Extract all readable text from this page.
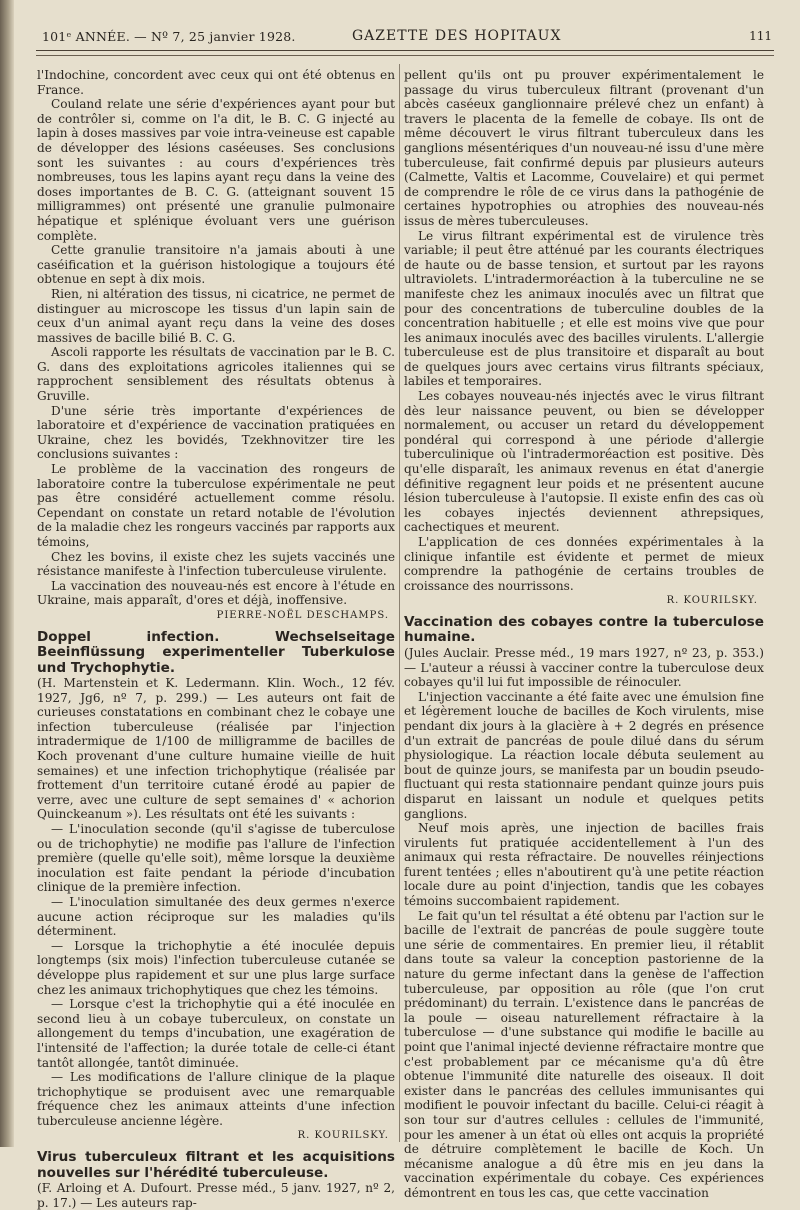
101ᵉ ANNÉE. — Nº 7, 25 janvier 1928.	GAZETTE DES HOPITAUX	111

l'Indochine, concordent avec ceux qui ont été obtenus en France.

Couland relate une série d'expériences ayant pour but de contrôler si, comme on l'a dit, le B. C. G injecté au lapin à doses massives par voie intra-veineuse est capable de développer des lésions caséeuses. Ses conclusions sont les suivantes : au cours d'expériences très nombreuses, tous les lapins ayant reçu dans la veine des doses importantes de B. C. G. (atteignant souvent 15 milligrammes) ont présenté une granulie pulmonaire hépatique et splénique évoluant vers une guérison complète.

Cette granulie transitoire n'a jamais abouti à une caséification et la guérison histologique a toujours été obtenue en sept à dix mois.

Rien, ni altération des tissus, ni cicatrice, ne permet de distinguer au microscope les tissus d'un lapin sain de ceux d'un animal ayant reçu dans la veine des doses massives de bacille bilié B. C. G.

Ascoli rapporte les résultats de vaccination par le B. C. G. dans des exploitations agricoles italiennes qui se rapprochent sensiblement des résultats obtenus à Gruville.

D'une série très importante d'expériences de laboratoire et d'expérience de vaccination pratiquées en Ukraine, chez les bovidés, Tzekhnovitzer tire les conclusions suivantes :

Le problème de la vaccination des rongeurs de laboratoire contre la tuberculose expérimentale ne peut pas être considéré actuellement comme résolu. Cependant on constate un retard notable de l'évolution de la maladie chez les rongeurs vaccinés par rapports aux témoins,

Chez les bovins, il existe chez les sujets vaccinés une résistance manifeste à l'infection tuberculeuse virulente.

La vaccination des nouveau-nés est encore à l'étude en Ukraine, mais apparaît, d'ores et déjà, inoffensive.

PIERRE-NOËL DESCHAMPS.

Doppel infection. Wechselseitage Beeinflüssung experimenteller Tuberkulose und Trychophytie.

(H. Martenstein et K. Ledermann. Klin. Woch., 12 fév. 1927, Jg6, nº 7, p. 299.) — Les auteurs ont fait de curieuses constatations en combinant chez le cobaye une infection tuberculeuse (réalisée par l'injection intradermique de 1/100 de milligramme de bacilles de Koch provenant d'une culture humaine vieille de huit semaines) et une infection trichophytique (réalisée par frottement d'un territoire cutané érodé au papier de verre, avec une culture de sept semaines d' « achorion Quinckeanum »). Les résultats ont été les suivants :

— L'inoculation seconde (qu'il s'agisse de tuberculose ou de trichophytie) ne modifie pas l'allure de l'infection première (quelle qu'elle soit), même lorsque la deuxième inoculation est faite pendant la période d'incubation clinique de la première infection.

— L'inoculation simultanée des deux germes n'exerce aucune action réciproque sur les maladies qu'ils déterminent.

— Lorsque la trichophytie a été inoculée depuis longtemps (six mois) l'infection tuberculeuse cutanée se développe plus rapidement et sur une plus large surface chez les animaux trichophytiques que chez les témoins.

— Lorsque c'est la trichophytie qui a été inoculée en second lieu à un cobaye tuberculeux, on constate un allongement du temps d'incubation, une exagération de l'intensité de l'affection; la durée totale de celle-ci étant tantôt allongée, tantôt diminuée.

— Les modifications de l'allure clinique de la plaque trichophytique se produisent avec une remarquable fréquence chez les animaux atteints d'une infection tuberculeuse ancienne légère.

R. KOURILSKY.

Virus tuberculeux filtrant et les acquisitions nouvelles sur l'hérédité tuberculeuse.

(F. Arloing et A. Dufourt. Presse méd., 5 janv. 1927, nº 2, p. 17.) — Les auteurs rap-

pellent qu'ils ont pu prouver expérimentalement le passage du virus tuberculeux filtrant (provenant d'un abcès caséeux ganglionnaire prélevé chez un enfant) à travers le placenta de la femelle de cobaye. Ils ont de même découvert le virus filtrant tuberculeux dans les ganglions mésentériques d'un nouveau-né issu d'une mère tuberculeuse, fait confirmé depuis par plusieurs auteurs (Calmette, Valtis et Lacomme, Couvelaire) et qui permet de comprendre le rôle de ce virus dans la pathogénie de certaines hypotrophies ou atrophies des nouveau-nés issus de mères tuberculeuses.

Le virus filtrant expérimental est de virulence très variable; il peut être atténué par les courants électriques de haute ou de basse tension, et surtout par les rayons ultraviolets. L'intradermoréaction à la tuberculine ne se manifeste chez les animaux inoculés avec un filtrat que pour des concentrations de tuberculine doubles de la concentration habituelle ; et elle est moins vive que pour les animaux inoculés avec des bacilles virulents. L'allergie tuberculeuse est de plus transitoire et disparaît au bout de quelques jours avec certains virus filtrants spéciaux, labiles et temporaires.

Les cobayes nouveau-nés injectés avec le virus filtrant dès leur naissance peuvent, ou bien se développer normalement, ou accuser un retard du développement pondéral qui correspond à une période d'allergie tuberculinique où l'intradermoréaction est positive. Dès qu'elle disparaît, les animaux revenus en état d'anergie définitive regagnent leur poids et ne présentent aucune lésion tuberculeuse à l'autopsie. Il existe enfin des cas où les cobayes injectés deviennent athrepsiques, cachectiques et meurent.

L'application de ces données expérimentales à la clinique infantile est évidente et permet de mieux comprendre la pathogénie de certains troubles de croissance des nourrissons.

R. KOURILSKY.

Vaccination des cobayes contre la tuberculose humaine.

(Jules Auclair. Presse méd., 19 mars 1927, nº 23, p. 353.) — L'auteur a réussi à vacciner contre la tuberculose deux cobayes qu'il lui fut impossible de réinoculer.

L'injection vaccinante a été faite avec une émulsion fine et légèrement louche de bacilles de Koch virulents, mise pendant dix jours à la glacière à + 2 degrés en présence d'un extrait de pancréas de poule dilué dans du sérum physiologique. La réaction locale débuta seulement au bout de quinze jours, se manifesta par un boudin pseudo-fluctuant qui resta stationnaire pendant quinze jours puis disparut en laissant un nodule et quelques petits ganglions.

Neuf mois après, une injection de bacilles frais virulents fut pratiquée accidentellement à l'un des animaux qui resta réfractaire. De nouvelles réinjections furent tentées ; elles n'aboutirent qu'à une petite réaction locale dure au point d'injection, tandis que les cobayes témoins succombaient rapidement.

Le fait qu'un tel résultat a été obtenu par l'action sur le bacille de l'extrait de pancréas de poule suggère toute une série de commentaires. En premier lieu, il rétablit dans toute sa valeur la conception pastorienne de la nature du germe infectant dans la genèse de l'affection tuberculeuse, par opposition au rôle (que l'on crut prédominant) du terrain. L'existence dans le pancréas de la poule — oiseau naturellement réfractaire à la tuberculose — d'une substance qui modifie le bacille au point que l'animal injecté devienne réfractaire montre que c'est probablement par ce mécanisme qu'a dû être obtenue l'immunité dite naturelle des oiseaux. Il doit exister dans le pancréas des cellules immunisantes qui modifient le pouvoir infectant du bacille. Celui-ci réagit à son tour sur d'autres cellules : cellules de l'immunité, pour les amener à un état où elles ont acquis la propriété de détruire complètement le bacille de Koch. Un mécanisme analogue a dû être mis en jeu dans la vaccination expérimentale du cobaye. Ces expériences démontrent en tous les cas, que cette vaccination
